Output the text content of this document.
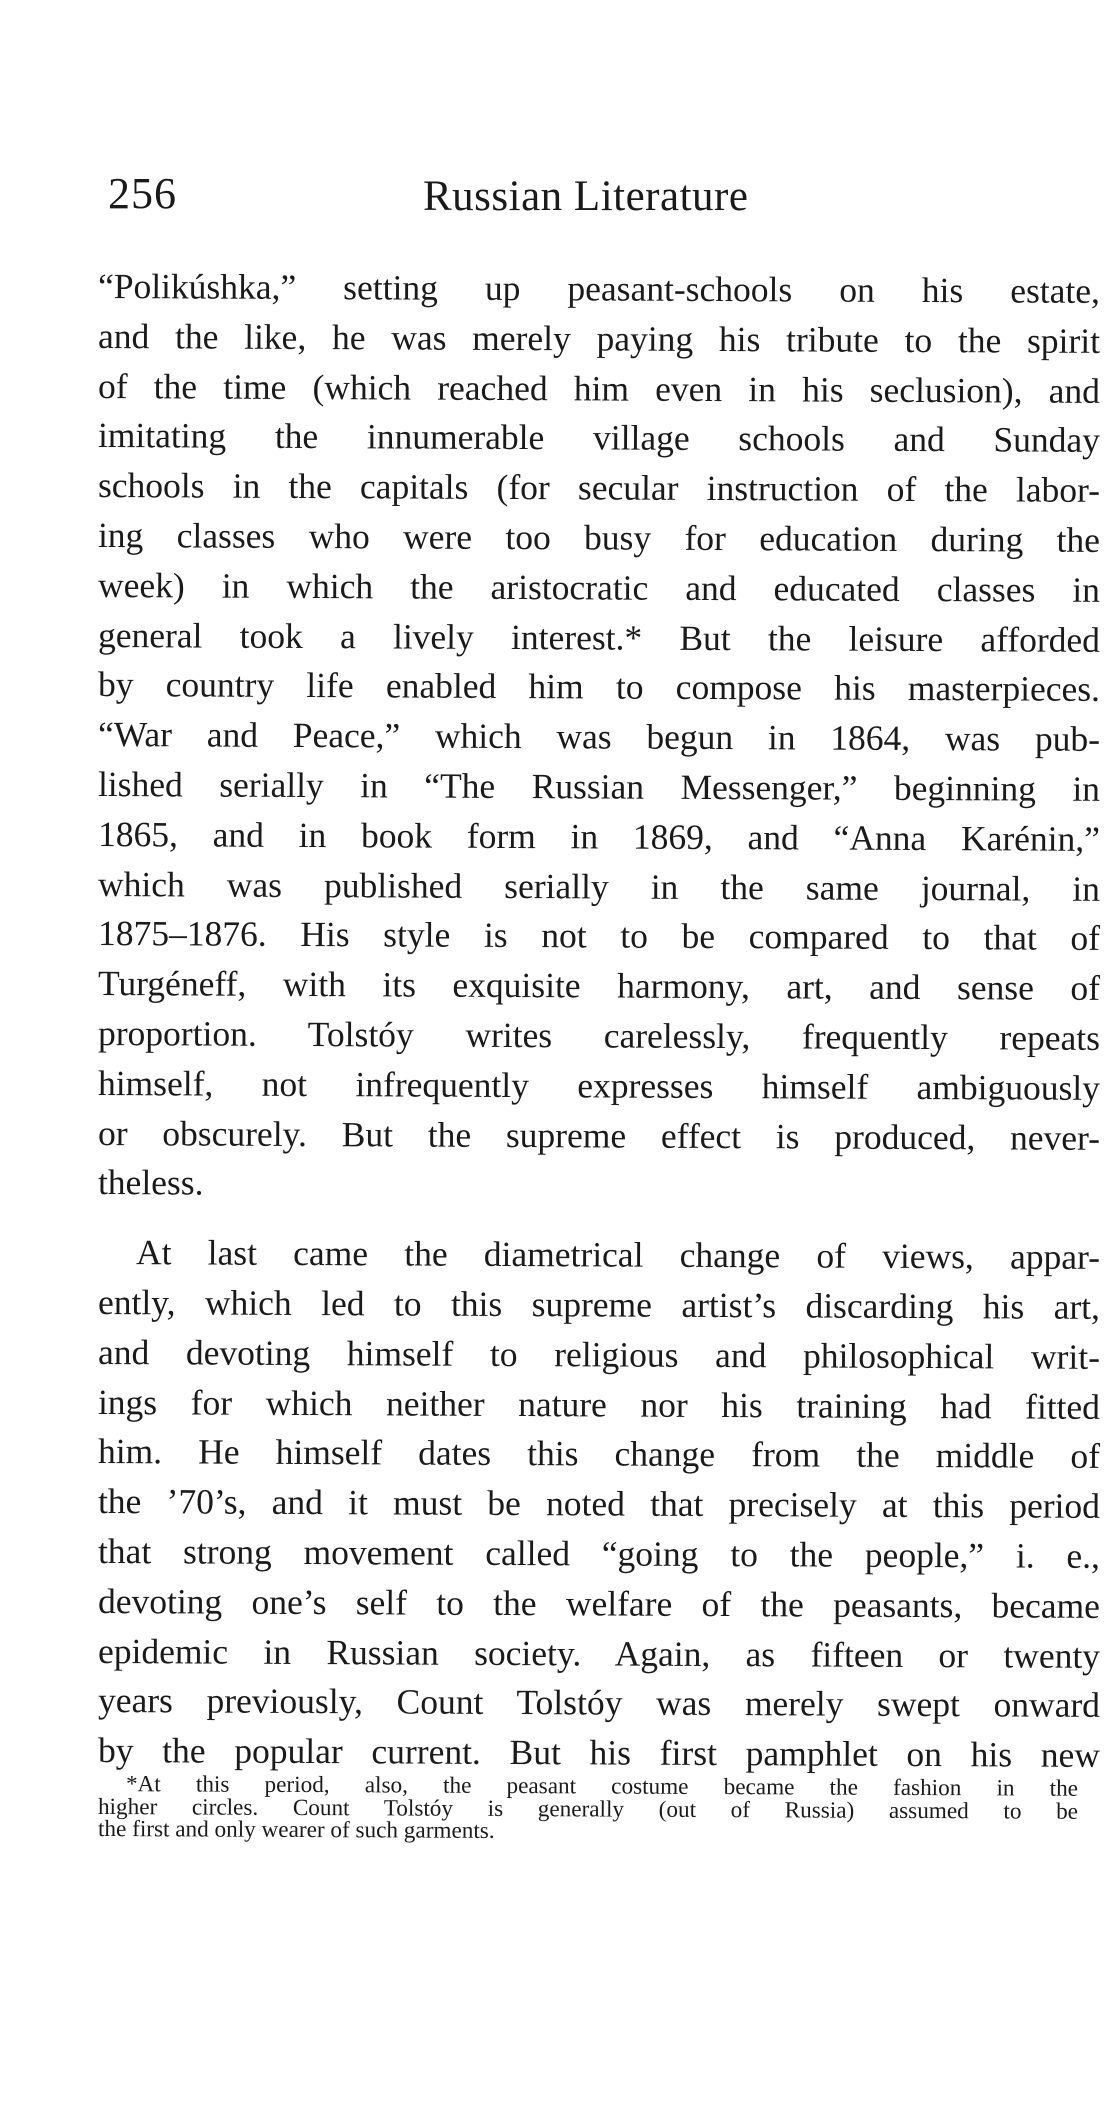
256	Russian Literature
“Polikúshka,” setting up peasant-schools on his estate,
and the like, he was merely paying his tribute to the spirit
of the time (which reached him even in his seclusion), and
imitating the innumerable village schools and Sunday
schools in the capitals (for secular instruction of the labor-
ing classes who were too busy for education during the
week) in which the aristocratic and educated classes in
general took a lively interest.* But the leisure afforded
by country life enabled him to compose his masterpieces.
“War and Peace,” which was begun in 1864, was pub-
lished serially in “The Russian Messenger,” beginning in
1865, and in book form in 1869, and “Anna Karénin,”
which was published serially in the same journal, in
1875–1876. His style is not to be compared to that of
Turgéneff, with its exquisite harmony, art, and sense of
proportion. Tolstóy writes carelessly, frequently repeats
himself, not infrequently expresses himself ambiguously
or obscurely. But the supreme effect is produced, never-
theless.
At last came the diametrical change of views, appar-
ently, which led to this supreme artist’s discarding his art,
and devoting himself to religious and philosophical writ-
ings for which neither nature nor his training had fitted
him. He himself dates this change from the middle of
the ’70’s, and it must be noted that precisely at this period
that strong movement called “going to the people,” i. e.,
devoting one’s self to the welfare of the peasants, became
epidemic in Russian society. Again, as fifteen or twenty
years previously, Count Tolstóy was merely swept onward
by the popular current. But his first pamphlet on his new
*At this period, also, the peasant costume became the fashion in the
higher circles. Count Tolstóy is generally (out of Russia) assumed to be
the first and only wearer of such garments.
